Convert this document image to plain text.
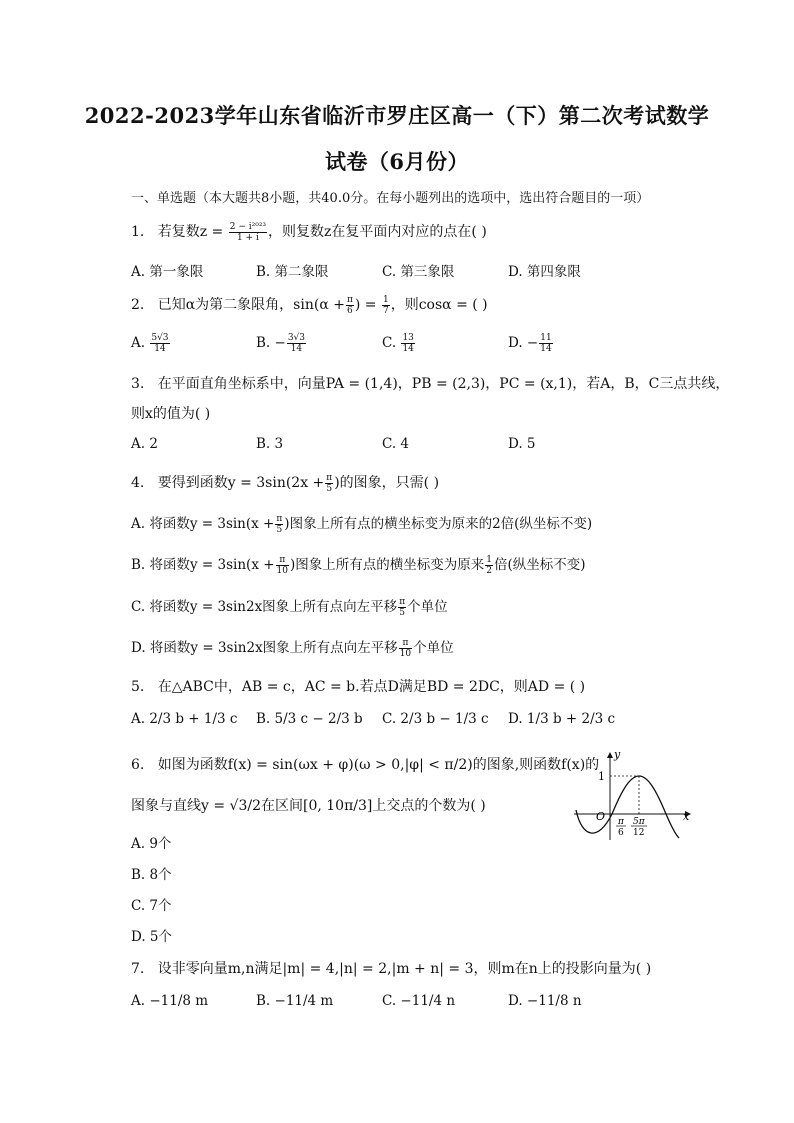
2022-2023学年山东省临沂市罗庄区高一（下）第二次考试数学
试卷（6月份）
一、单选题（本大题共8小题，共40.0分。在每小题列出的选项中，选出符合题目的一项）
1. 若复数$z = \frac{\text{2 − i²⁰²³}}{1 + i}$ ，则复数z在复平面内对应的点在( )
A. 第一象限	B. 第二象限	C. 第三象限	D. 第四象限
2. 已知α为第二象限角，$\sin(\alpha + \frac{\pi}{6}$ ) = $\frac{1}{7}$ ，则cosα = ( )
A. $\frac{5√3}{14}$	B. − $\frac{3√3}{14}$	C. $\frac{13}{14}$	D. − $\frac{11}{14}$
3. 在平面直角坐标系中，向量PA = (1,4)，PB = (2,3)，PC = (x,1)，若A，B，C三点共线，
则x的值为( )
A. 2	B. 3	C. 4	D. 5
4. 要得到函数$y = 3\sin(2x + \frac{\pi}{5}$ )的图象，只需( )
A. 将函数$y = 3\sin(x + \frac{\pi}{5}$ )图象上所有点的横坐标变为原来的2倍(纵坐标不变)
B. 将函数$y = 3\sin(x + \frac{\pi}{10}$ )图象上所有点的横坐标变为原来 $\frac{1}{2}$ 倍(纵坐标不变)
C. 将函数y = 3sin2x图象上所有点向左平移 $\frac{\pi}{5}$ 个单位
D. 将函数y = 3sin2x图象上所有点向左平移 $\frac{\pi}{10}$ 个单位
5. 在△ABC中，AB = c，AC = b.若点D满足BD = 2DC，则AD = ( )
A. 2/3 b + 1/3 c B. 5/3 c − 2/3 b C. 2/3 b − 1/3 c D. 1/3 b + 2/3 c
6. 如图为函数f(x) = sin(ωx + φ)(ω > 0,|φ| < π/2)的图象,则函数f(x)的
图象与直线y = √3/2在区间[0, 10π/3]上交点的个数为( )
A. 9个
B. 8个
C. 7个
D. 5个
y
x
O
1
π
6
5π
12
7. 设非零向量m,n满足|m| = 4,|n| = 2,|m + n| = 3，则m在n上的投影向量为( )
A. −11/8 m	B. −11/4 m	C. −11/4 n	D. −11/8 n
